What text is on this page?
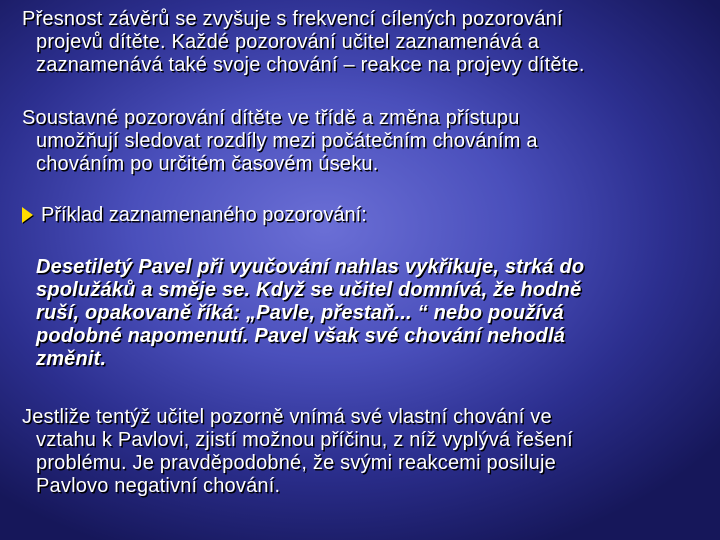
Přesnost závěrů se zvyšuje s frekvencí cílených pozorování
projevů dítěte. Každé pozorování učitel zaznamenává a
zaznamenává také svoje chování – reakce na projevy dítěte.

Soustavné pozorování dítěte ve třídě a změna přístupu
umožňují sledovat rozdíly mezi počátečním chováním a
chováním po určitém časovém úseku.

Příklad zaznamenaného pozorování:

Desetiletý Pavel při vyučování nahlas vykřikuje, strká do
spolužáků a směje se. Když se učitel domnívá, že hodně
ruší, opakovaně říká: „Pavle, přestaň... “ nebo používá
podobné napomenutí. Pavel však své chování nehodlá
změnit.

Jestliže tentýž učitel pozorně vnímá své vlastní chování ve
vztahu k Pavlovi, zjistí možnou příčinu, z níž vyplývá řešení
problému. Je pravděpodobné, že svými reakcemi posiluje
Pavlovo negativní chování.
